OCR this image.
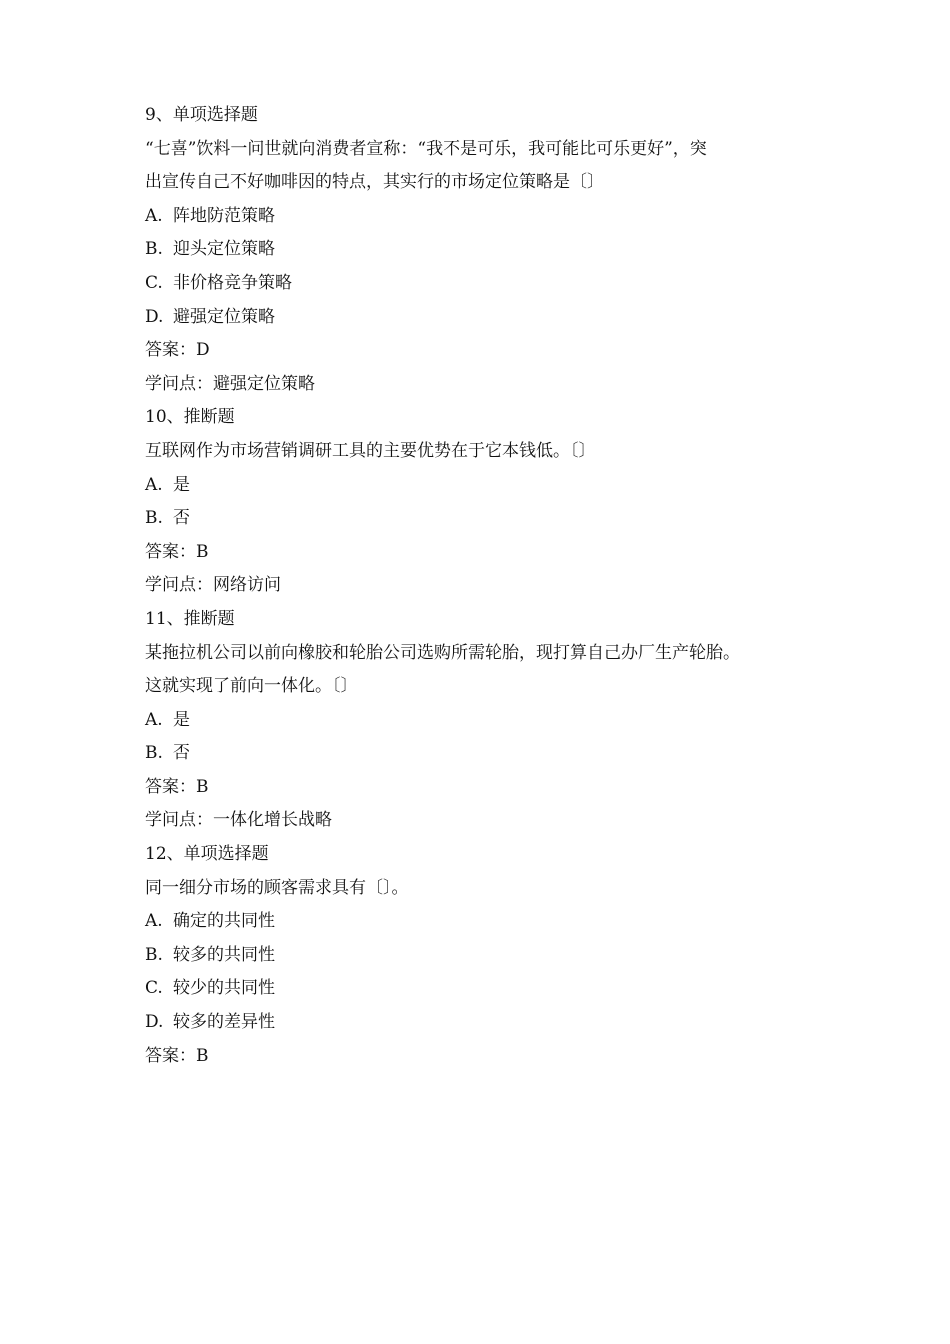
9、单项选择题
“七喜”饮料一问世就向消费者宣称：“我不是可乐，我可能比可乐更好”，突
出宣传自己不好咖啡因的特点，其实行的市场定位策略是〔〕
A. 阵地防范策略
B. 迎头定位策略
C. 非价格竞争策略
D. 避强定位策略
答案：D
学问点：避强定位策略
10、推断题
互联网作为市场营销调研工具的主要优势在于它本钱低。〔〕
A. 是
B. 否
答案：B
学问点：网络访问
11、推断题
某拖拉机公司以前向橡胶和轮胎公司选购所需轮胎，现打算自己办厂生产轮胎。
这就实现了前向一体化。〔〕
A. 是
B. 否
答案：B
学问点：一体化增长战略
12、单项选择题
同一细分市场的顾客需求具有〔〕。
A. 确定的共同性
B. 较多的共同性
C. 较少的共同性
D. 较多的差异性
答案：B
